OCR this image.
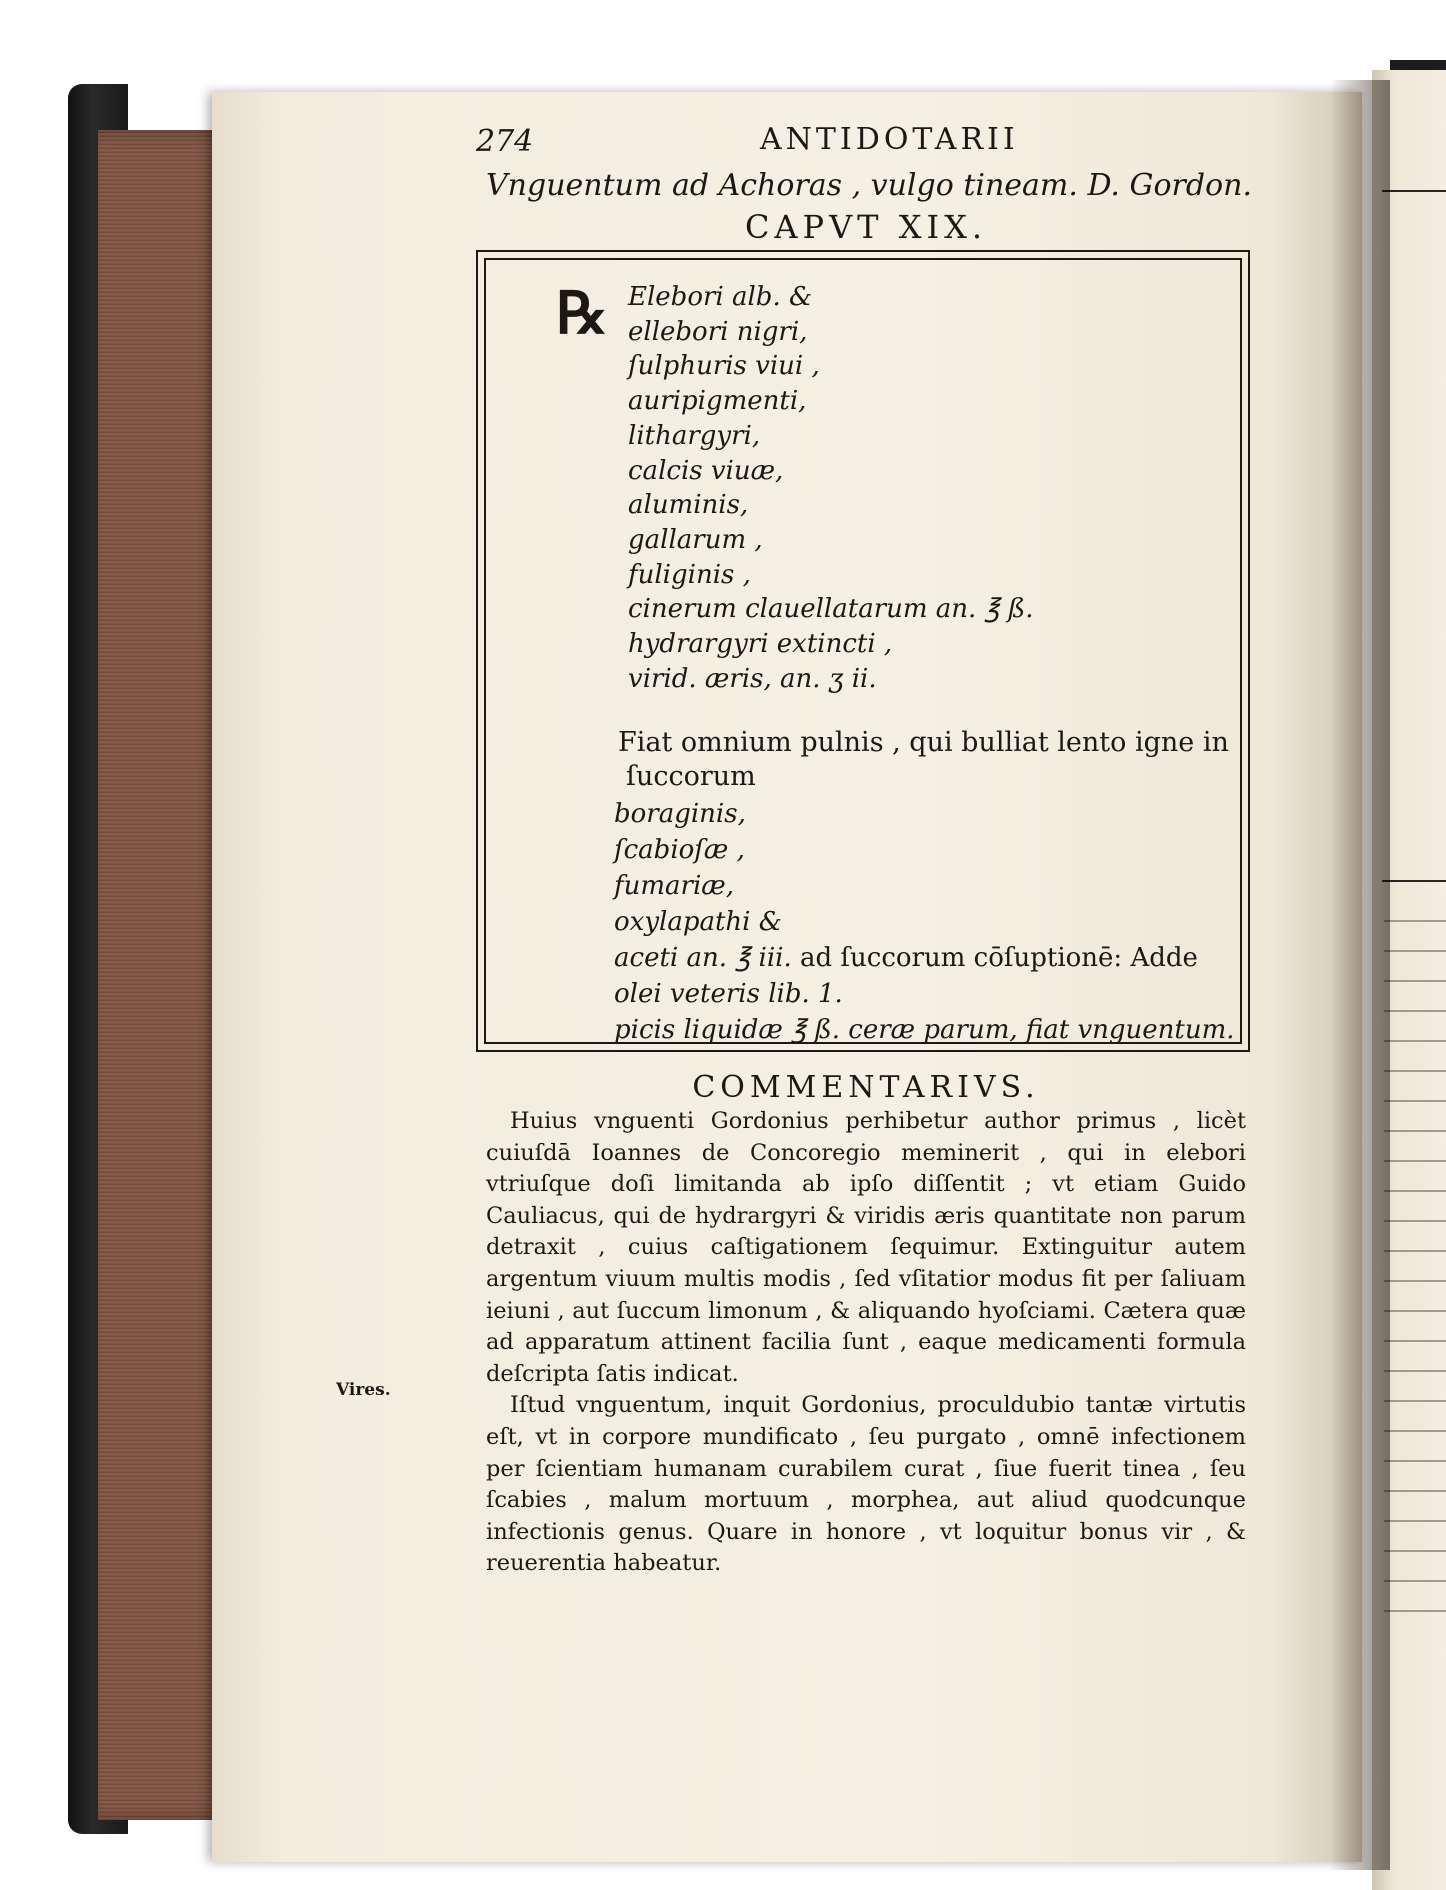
274	ANTIDOTARII
Vnguentum ad Achoras , vulgo tineam. D. Gordon.
CAPVT XIX.
℞ Elebori alb. &
ellebori nigri,
ſulphuris viui ,
auripigmenti,
lithargyri,
calcis viuæ,
aluminis,
gallarum ,
fuliginis ,
cinerum clauellatarum an. ℥ ß.
hydrargyri extincti ,
virid. æris, an. ʒ ii.
Fiat omnium pulnis , qui bulliat lento igne in
ſuccorum
boraginis,
ſcabioſæ ,
fumariæ,
oxylapathi &
aceti an. ℥ iii. ad ſuccorum cōſuptionē: Adde
olei veteris lib. 1.
picis liquidæ ℥ ß. ceræ parum, fiat vnguentum.
COMMENTARIVS.

Huius vnguenti Gordonius perhibetur author primus , licèt cuiuſdā Ioannes de Concoregio meminerit , qui in elebori vtriuſque doſi limitanda ab ipſo diſſentit ; vt etiam Guido Cauliacus, qui de hydrargyri & viridis æris quantitate non parum detraxit , cuius caſtigationem ſequimur. Extinguitur autem argentum viuum multis modis , ſed vſitatior modus fit per ſaliuam ieiuni , aut ſuccum limonum , & aliquando hyoſciami. Cætera quæ ad apparatum attinent facilia ſunt , eaque medicamenti formula deſcripta ſatis indicat.

Iſtud vnguentum, inquit Gordonius, proculdubio tantæ virtutis eſt, vt in corpore mundificato , ſeu purgato , omnē infectionem per ſcientiam humanam curabilem curat , ſiue fuerit tinea , ſeu ſcabies , malum mortuum , morphea, aut aliud quodcunque infectionis genus. Quare in honore , vt loquitur bonus vir , & reuerentia habeatur.

Vires.
